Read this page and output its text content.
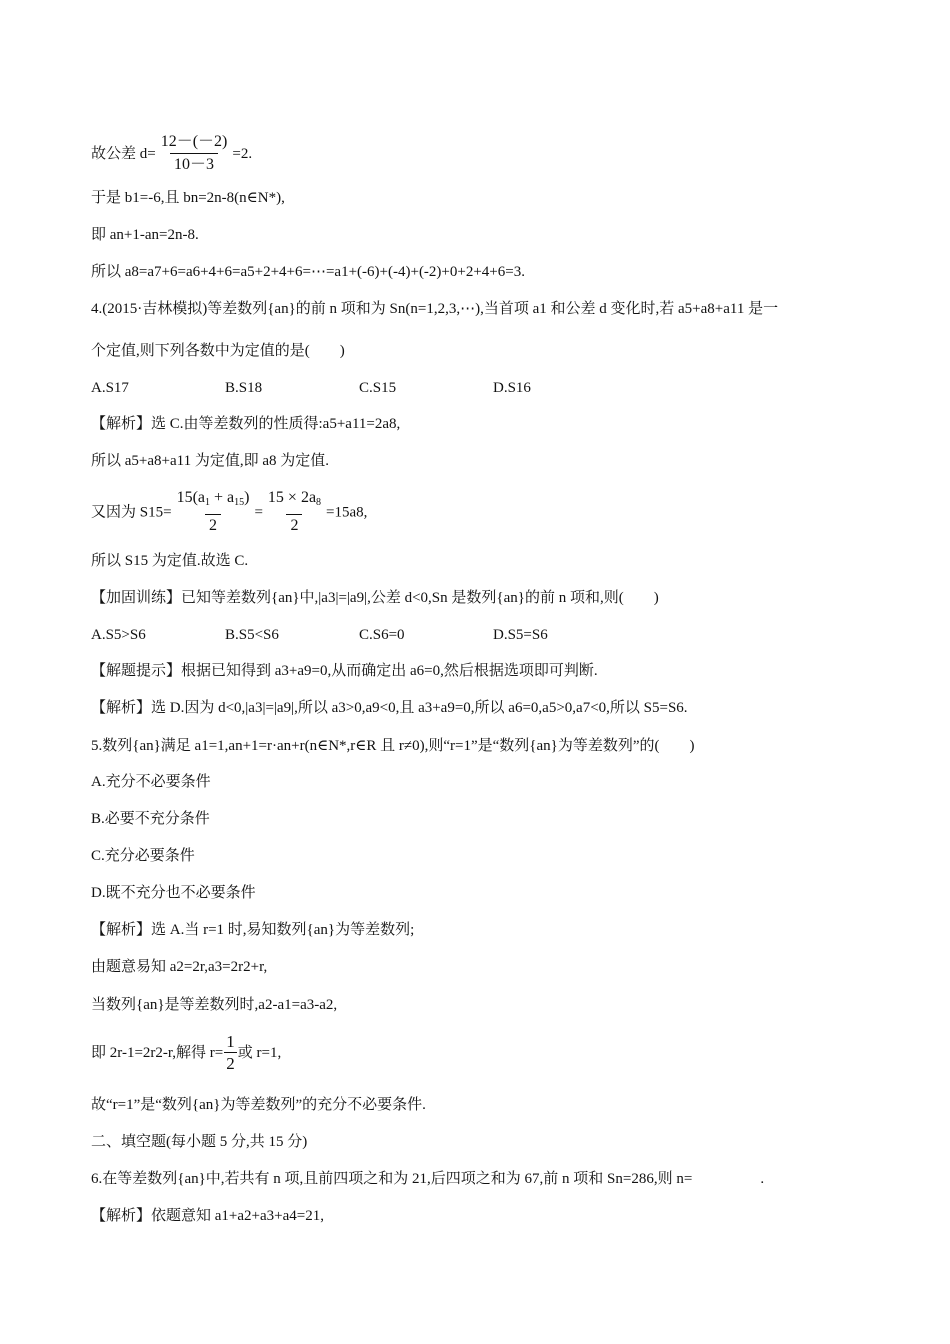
故公差 $d= \frac{12-(-2)}{10-3} =2$.
于是 b1=-6,且 bn=2n-8(n∈N*),
即 an+1-an=2n-8.
所以 a8=a7+6=a6+4+6=a5+2+4+6=⋯=a1+(-6)+(-4)+(-2)+0+2+4+6=3.
4.(2015·吉林模拟)等差数列{an}的前 n 项和为 Sn(n=1,2,3,⋯),当首项 a1 和公差 d 变化时,若 a5+a8+a11 是一
个定值,则下列各数中为定值的是(　　)
A.S17	B.S18	C.S15	D.S16
【解析】选 C.由等差数列的性质得:a5+a11=2a8,
所以 a5+a8+a11 为定值,即 a8 为定值.
又因为 $S15= \frac{15(a_1 + a_{15})}{2} = \frac{15 \times 2a_8}{2} =15a8$,
所以 S15 为定值.故选 C.
【加固训练】已知等差数列{an}中,|a3|=|a9|,公差 d<0,Sn 是数列{an}的前 n 项和,则(　　)
A.S5>S6	B.S5<S6	C.S6=0	D.S5=S6
【解题提示】根据已知得到 a3+a9=0,从而确定出 a6=0,然后根据选项即可判断.
【解析】选 D.因为 d<0,|a3|=|a9|,所以 a3>0,a9<0,且 a3+a9=0,所以 a6=0,a5>0,a7<0,所以 S5=S6.
5.数列{an}满足 a1=1,an+1=r·an+r(n∈N*,r∈R 且 r≠0),则“r=1”是“数列{an}为等差数列”的(　　)
A.充分不必要条件
B.必要不充分条件
C.充分必要条件
D.既不充分也不必要条件
【解析】选 A.当 r=1 时,易知数列{an}为等差数列;
由题意易知 a2=2r,a3=2r2+r,
当数列{an}是等差数列时,a2-a1=a3-a2,
即 2r-1=2r2-r,解得 $r= \frac{1}{2}$ 或 r=1,
故“r=1”是“数列{an}为等差数列”的充分不必要条件.
二、填空题(每小题 5 分,共 15 分)
6.在等差数列{an}中,若共有 n 项,且前四项之和为 21,后四项之和为 67,前 n 项和 Sn=286,则 n=	.
【解析】依题意知 a1+a2+a3+a4=21,
